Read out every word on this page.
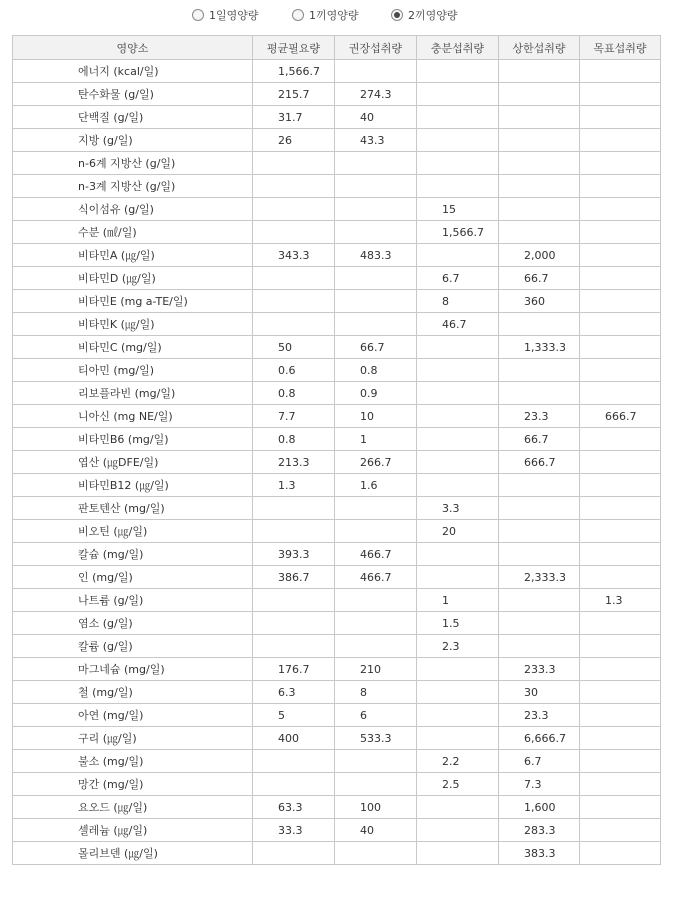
1일영양량	1끼영양량	2끼영양량
영양소	평균필요량	권장섭취량	충분섭취량	상한섭취량	목표섭취량
에너지 (kcal/일)	1,566.7				
탄수화물 (g/일)	215.7	274.3			
단백질 (g/일)	31.7	40			
지방 (g/일)	26	43.3			
n-6계 지방산 (g/일)					
n-3계 지방산 (g/일)					
식이섬유 (g/일)			15		
수분 (㎖/일)			1,566.7		
비타민A (㎍/일)	343.3	483.3		2,000	
비타민D (㎍/일)			6.7	66.7	
비타민E (mg a-TE/일)			8	360	
비타민K (㎍/일)			46.7		
비타민C (mg/일)	50	66.7		1,333.3	
티아민 (mg/일)	0.6	0.8			
리보플라빈 (mg/일)	0.8	0.9			
니아신 (mg NE/일)	7.7	10		23.3	666.7
비타민B6 (mg/일)	0.8	1		66.7	
엽산 (㎍DFE/일)	213.3	266.7		666.7	
비타민B12 (㎍/일)	1.3	1.6			
판토텐산 (mg/일)			3.3		
비오틴 (㎍/일)			20		
칼슘 (mg/일)	393.3	466.7			
인 (mg/일)	386.7	466.7		2,333.3	
나트륨 (g/일)			1		1.3
염소 (g/일)			1.5		
칼륨 (g/일)			2.3		
마그네슘 (mg/일)	176.7	210		233.3	
철 (mg/일)	6.3	8		30	
아연 (mg/일)	5	6		23.3	
구리 (㎍/일)	400	533.3		6,666.7	
불소 (mg/일)			2.2	6.7	
망간 (mg/일)			2.5	7.3	
요오드 (㎍/일)	63.3	100		1,600	
셀레늄 (㎍/일)	33.3	40		283.3	
몰리브덴 (㎍/일)				383.3	
